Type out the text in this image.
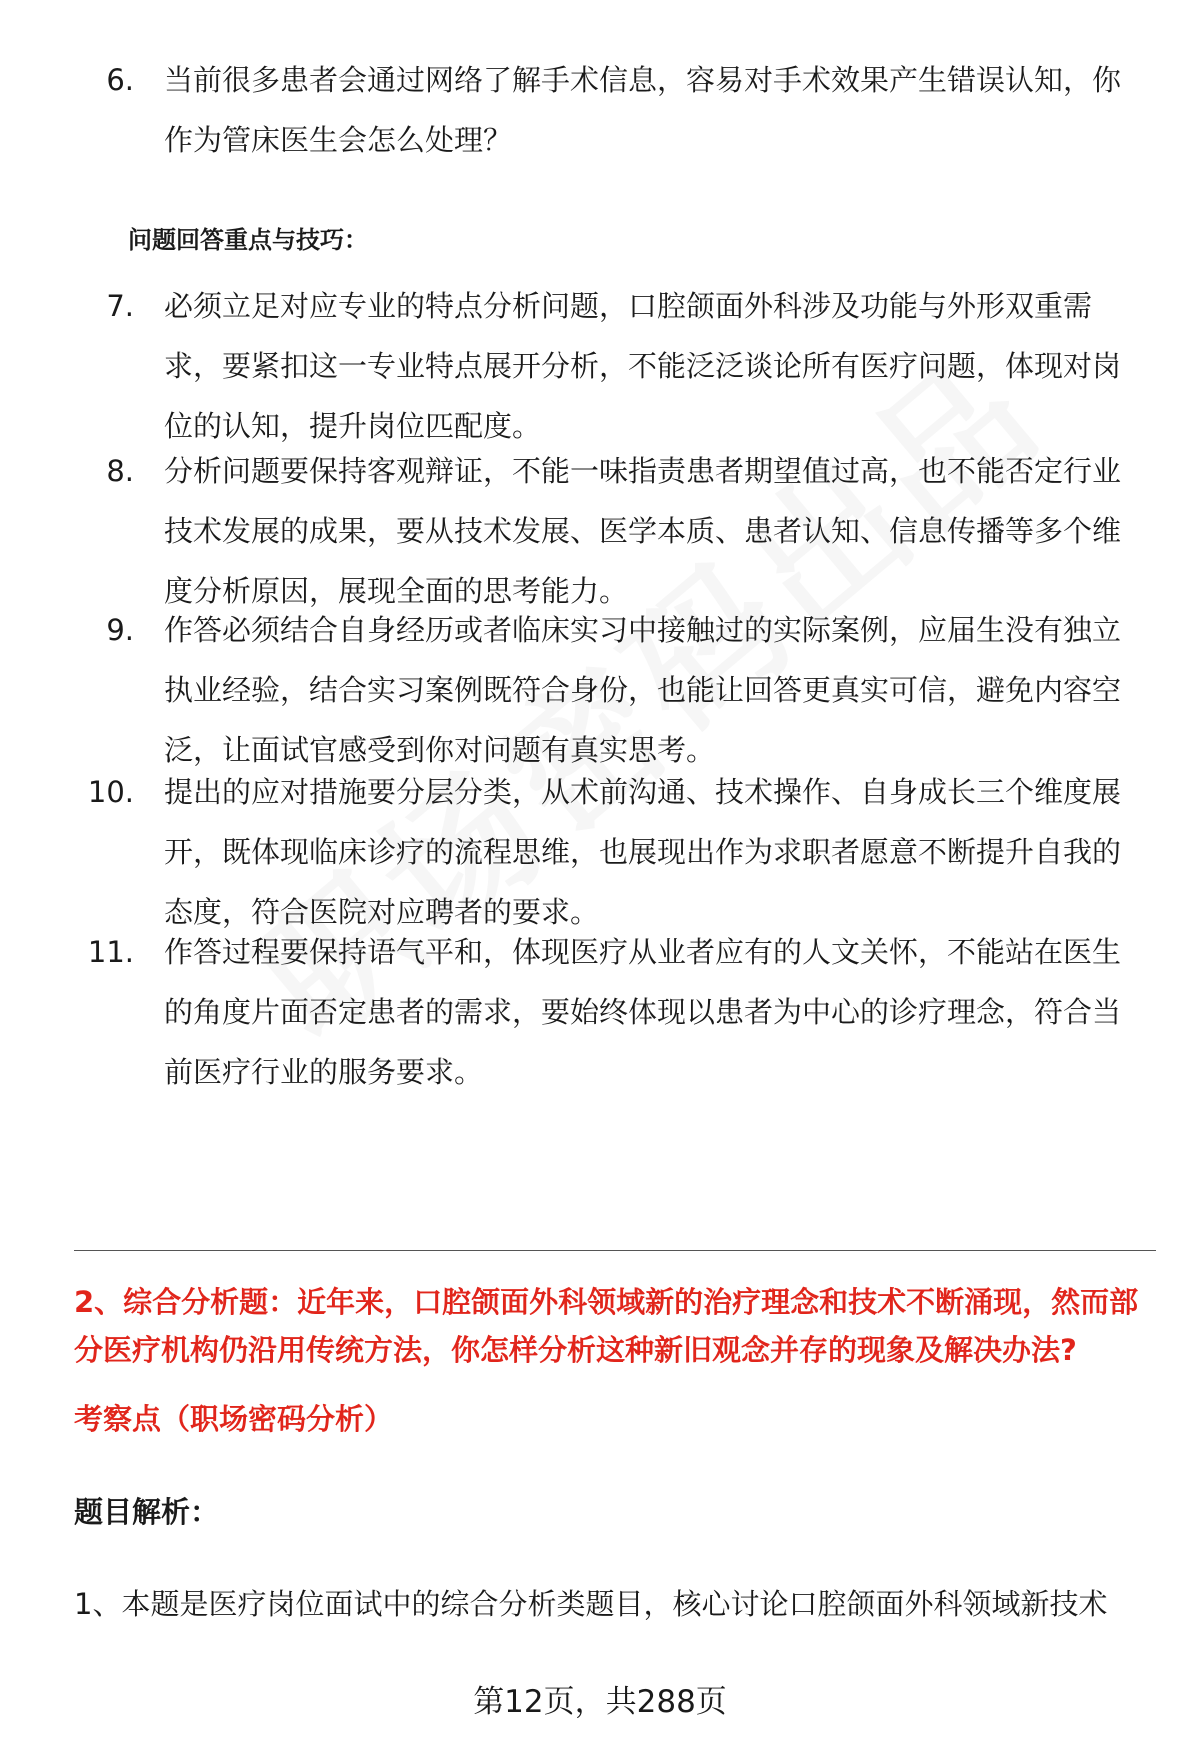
6. 当前很多患者会通过网络了解手术信息，容易对手术效果产生错误认知，你作为管床医生会怎么处理？
问题回答重点与技巧：
7. 必须立足对应专业的特点分析问题，口腔颌面外科涉及功能与外形双重需求，要紧扣这一专业特点展开分析，不能泛泛谈论所有医疗问题，体现对岗位的认知，提升岗位匹配度。
8. 分析问题要保持客观辩证，不能一味指责患者期望值过高，也不能否定行业技术发展的成果，要从技术发展、医学本质、患者认知、信息传播等多个维度分析原因，展现全面的思考能力。
9. 作答必须结合自身经历或者临床实习中接触过的实际案例，应届生没有独立执业经验，结合实习案例既符合身份，也能让回答更真实可信，避免内容空泛，让面试官感受到你对问题有真实思考。
10. 提出的应对措施要分层分类，从术前沟通、技术操作、自身成长三个维度展开，既体现临床诊疗的流程思维，也展现出作为求职者愿意不断提升自我的态度，符合医院对应聘者的要求。
11. 作答过程要保持语气平和，体现医疗从业者应有的人文关怀，不能站在医生的角度片面否定患者的需求，要始终体现以患者为中心的诊疗理念，符合当前医疗行业的服务要求。
2、综合分析题：近年来，口腔颌面外科领域新的治疗理念和技术不断涌现，然而部分医疗机构仍沿用传统方法，你怎样分析这种新旧观念并存的现象及解决办法?
考察点（职场密码分析）
题目解析：
1、本题是医疗岗位面试中的综合分析类题目，核心讨论口腔颌面外科领域新技术
第12页，共288页
